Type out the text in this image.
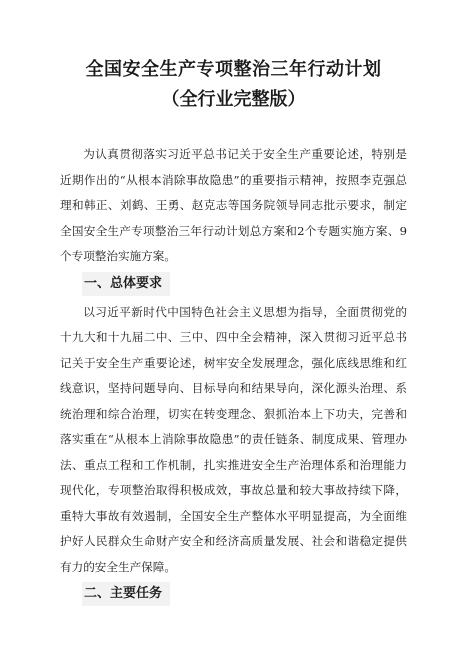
全国安全生产专项整治三年行动计划
（全行业完整版）

为认真贯彻落实习近平总书记关于安全生产重要论述，特别是近期作出的“从根本消除事故隐患”的重要指示精神，按照李克强总理和韩正、刘鹤、王勇、赵克志等国务院领导同志批示要求，制定全国安全生产专项整治三年行动计划总方案和2个专题实施方案、9个专项整治实施方案。

一、总体要求

以习近平新时代中国特色社会主义思想为指导，全面贯彻党的十九大和十九届二中、三中、四中全会精神，深入贯彻习近平总书记关于安全生产重要论述，树牢安全发展理念，强化底线思维和红线意识，坚持问题导向、目标导向和结果导向，深化源头治理、系统治理和综合治理，切实在转变理念、狠抓治本上下功夫，完善和落实重在“从根本上消除事故隐患”的责任链条、制度成果、管理办法、重点工程和工作机制，扎实推进安全生产治理体系和治理能力现代化，专项整治取得积极成效，事故总量和较大事故持续下降，重特大事故有效遏制，全国安全生产整体水平明显提高，为全面维护好人民群众生命财产安全和经济高质量发展、社会和谐稳定提供有力的安全生产保障。

二、主要任务
